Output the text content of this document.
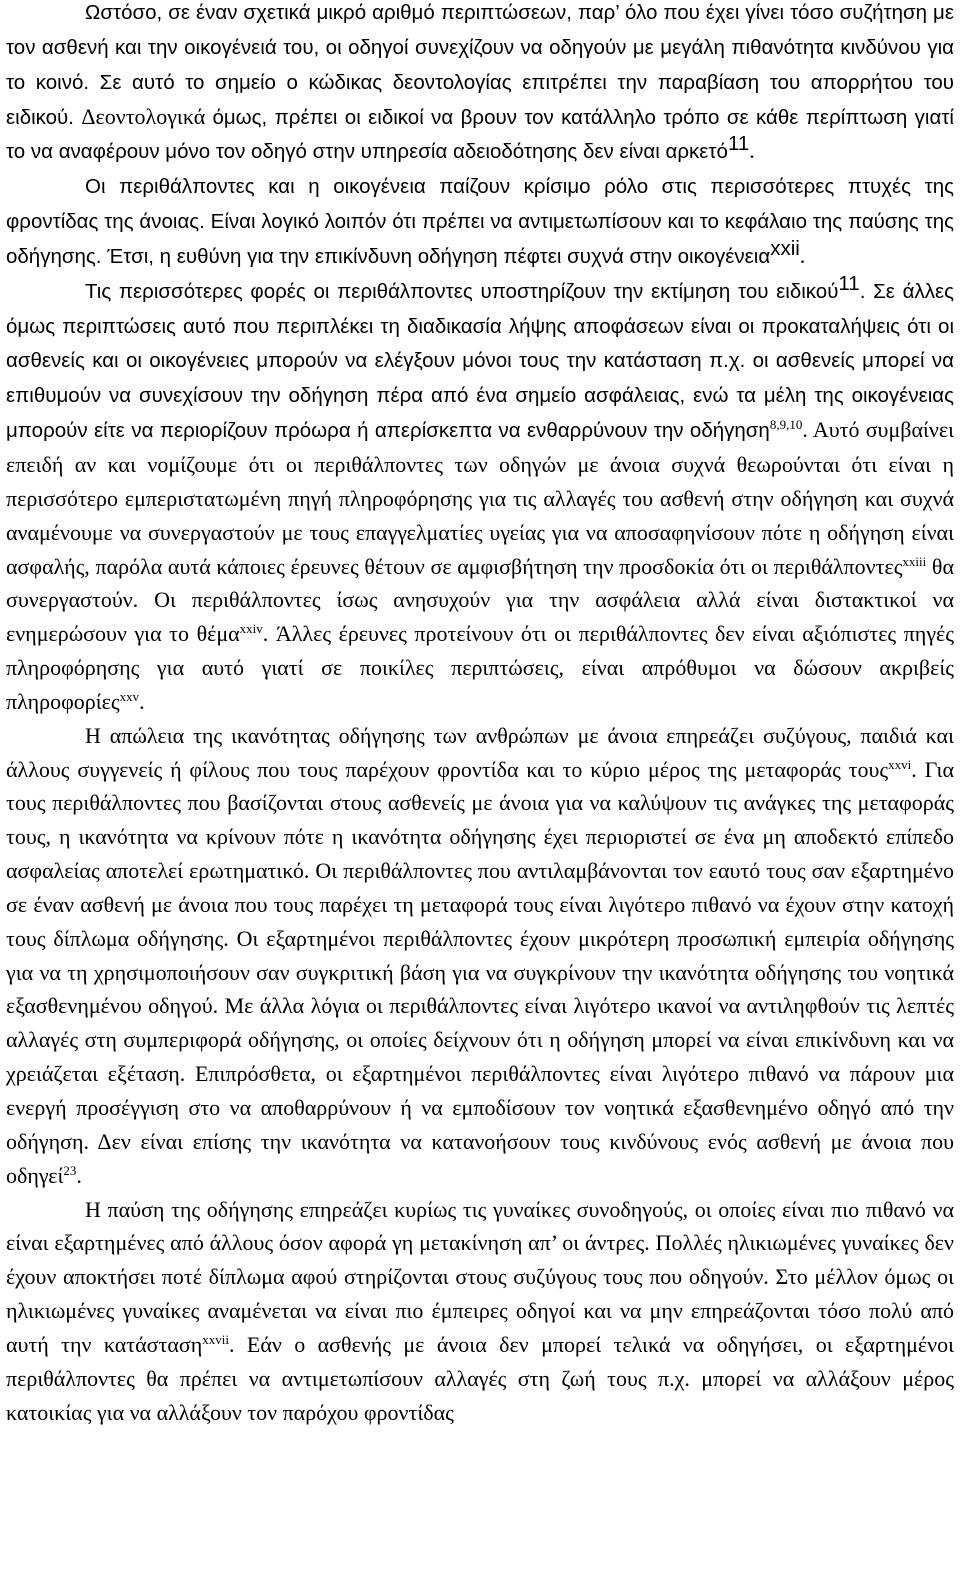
Ωστόσο, σε έναν σχετικά μικρό αριθμό περιπτώσεων, παρ’ όλο που έχει γίνει τόσο συζήτηση με τον ασθενή και την οικογένειά του, οι οδηγοί συνεχίζουν να οδηγούν με μεγάλη πιθανότητα κινδύνου για το κοινό. Σε αυτό το σημείο ο κώδικας δεοντολογίας επιτρέπει την παραβίαση του απορρήτου του ειδικού. Δεοντολογικά όμως, πρέπει οι ειδικοί να βρουν τον κατάλληλο τρόπο σε κάθε περίπτωση γιατί το να αναφέρουν μόνο τον οδηγό στην υπηρεσία αδειοδότησης δεν είναι αρκετό$^{11}$.

Οι περιθάλποντες και η οικογένεια παίζουν κρίσιμο ρόλο στις περισσότερες πτυχές της φροντίδας της άνοιας. Είναι λογικό λοιπόν ότι πρέπει να αντιμετωπίσουν και το κεφάλαιο της παύσης της οδήγησης. Έτσι, η ευθύνη για την επικίνδυνη οδήγηση πέφτει συχνά στην οικογένεια$^{xxii}$.

Τις περισσότερες φορές οι περιθάλποντες υποστηρίζουν την εκτίμηση του ειδικού$^{11}$. Σε άλλες όμως περιπτώσεις αυτό που περιπλέκει τη διαδικασία λήψης αποφάσεων είναι οι προκαταλήψεις ότι οι ασθενείς και οι οικογένειες μπορούν να ελέγξουν μόνοι τους την κατάσταση π.χ. οι ασθενείς μπορεί να επιθυμούν να συνεχίσουν την οδήγηση πέρα από ένα σημείο ασφάλειας, ενώ τα μέλη της οικογένειας μπορούν είτε να περιορίζουν πρόωρα ή απερίσκεπτα να ενθαρρύνουν την οδήγηση$^{8,9,10}$. Αυτό συμβαίνει επειδή αν και νομίζουμε ότι οι περιθάλποντες των οδηγών με άνοια συχνά θεωρούνται ότι είναι η περισσότερο εμπεριστατωμένη πηγή πληροφόρησης για τις αλλαγές του ασθενή στην οδήγηση και συχνά αναμένουμε να συνεργαστούν με τους επαγγελματίες υγείας για να αποσαφηνίσουν πότε η οδήγηση είναι ασφαλής, παρόλα αυτά κάποιες έρευνες θέτουν σε αμφισβήτηση την προσδοκία ότι οι περιθάλποντες$^{xxiii}$ θα συνεργαστούν. Οι περιθάλποντες ίσως ανησυχούν για την ασφάλεια αλλά είναι διστακτικοί να ενημερώσουν για το θέμα$^{xxiv}$. Άλλες έρευνες προτείνουν ότι οι περιθάλποντες δεν είναι αξιόπιστες πηγές πληροφόρησης για αυτό γιατί σε ποικίλες περιπτώσεις, είναι απρόθυμοι να δώσουν ακριβείς πληροφορίες$^{xxv}$.

Η απώλεια της ικανότητας οδήγησης των ανθρώπων με άνοια επηρεάζει συζύγους, παιδιά και άλλους συγγενείς ή φίλους που τους παρέχουν φροντίδα και το κύριο μέρος της μεταφοράς τους$^{xxvi}$. Για τους περιθάλποντες που βασίζονται στους ασθενείς με άνοια για να καλύψουν τις ανάγκες της μεταφοράς τους, η ικανότητα να κρίνουν πότε η ικανότητα οδήγησης έχει περιοριστεί σε ένα μη αποδεκτό επίπεδο ασφαλείας αποτελεί ερωτηματικό. Οι περιθάλποντες που αντιλαμβάνονται τον εαυτό τους σαν εξαρτημένο σε έναν ασθενή με άνοια που τους παρέχει τη μεταφορά τους είναι λιγότερο πιθανό να έχουν στην κατοχή τους δίπλωμα οδήγησης. Οι εξαρτημένοι περιθάλποντες έχουν μικρότερη προσωπική εμπειρία οδήγησης για να τη χρησιμοποιήσουν σαν συγκριτική βάση για να συγκρίνουν την ικανότητα οδήγησης του νοητικά εξασθενημένου οδηγού. Με άλλα λόγια οι περιθάλποντες είναι λιγότερο ικανοί να αντιληφθούν τις λεπτές αλλαγές στη συμπεριφορά οδήγησης, οι οποίες δείχνουν ότι η οδήγηση μπορεί να είναι επικίνδυνη και να χρειάζεται εξέταση. Επιπρόσθετα, οι εξαρτημένοι περιθάλποντες είναι λιγότερο πιθανό να πάρουν μια ενεργή προσέγγιση στο να αποθαρρύνουν ή να εμποδίσουν τον νοητικά εξασθενημένο οδηγό από την οδήγηση. Δεν είναι επίσης την ικανότητα να κατανοήσουν τους κινδύνους ενός ασθενή με άνοια που οδηγεί$^{23}$.

Η παύση της οδήγησης επηρεάζει κυρίως τις γυναίκες συνοδηγούς, οι οποίες είναι πιο πιθανό να είναι εξαρτημένες από άλλους όσον αφορά γη μετακίνηση απ’ οι άντρες. Πολλές ηλικιωμένες γυναίκες δεν έχουν αποκτήσει ποτέ δίπλωμα αφού στηρίζονται στους συζύγους τους που οδηγούν. Στο μέλλον όμως οι ηλικιωμένες γυναίκες αναμένεται να είναι πιο έμπειρες οδηγοί και να μην επηρεάζονται τόσο πολύ από αυτή την κατάσταση$^{xxvii}$. Εάν ο ασθενής με άνοια δεν μπορεί τελικά να οδηγήσει, οι εξαρτημένοι περιθάλποντες θα πρέπει να αντιμετωπίσουν αλλαγές στη ζωή τους π.χ. μπορεί να αλλάξουν μέρος κατοικίας για να αλλάξουν τον παρόχου φροντίδας
